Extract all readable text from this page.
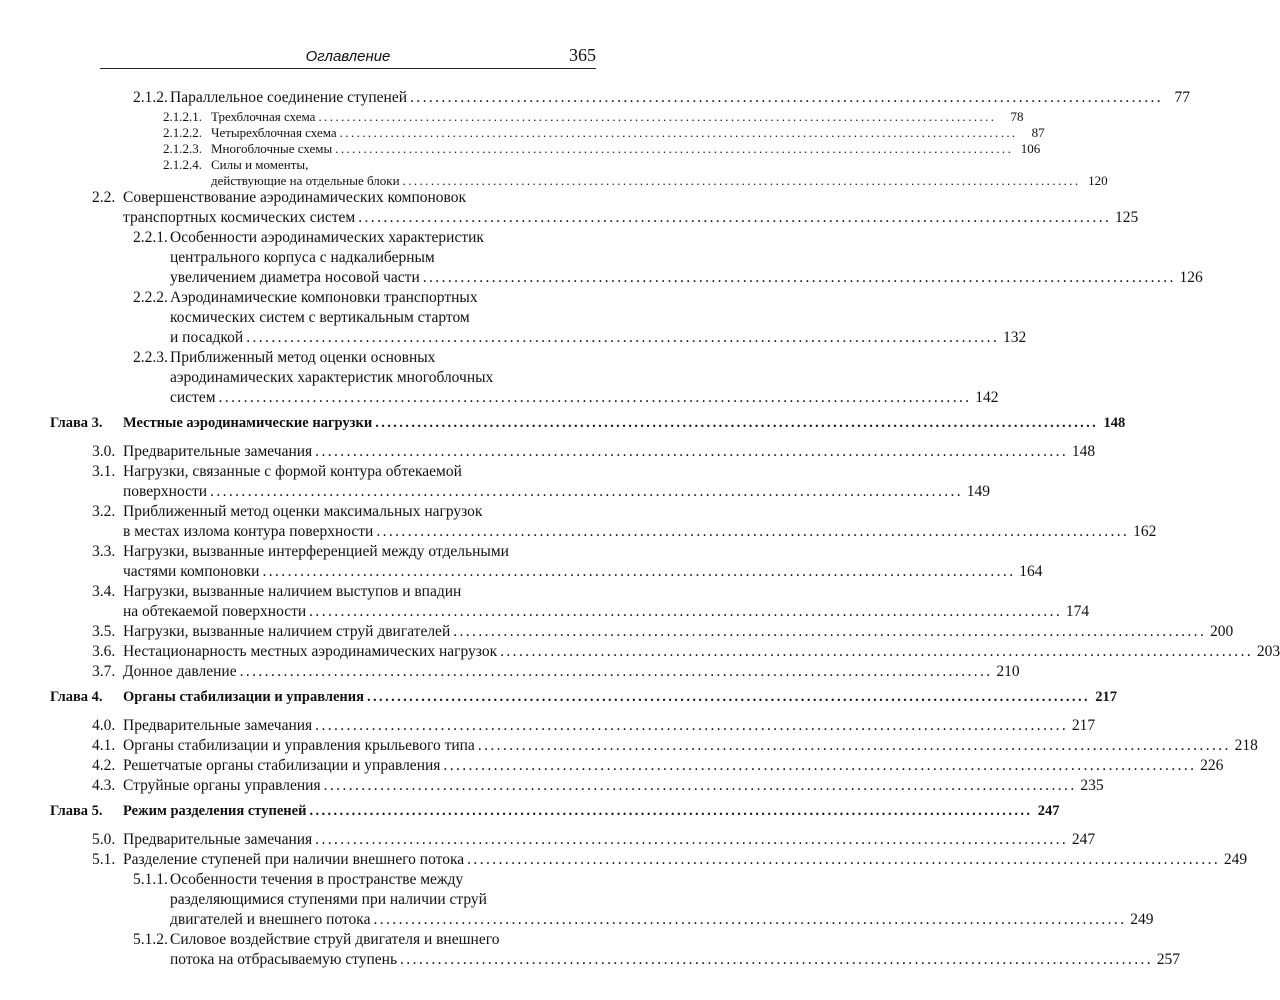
Оглавление	365
2.1.2. Параллельное соединение ступеней ........................................................................................................................ 77
2.1.2.1. Трехблочная схема ........................................................................................................................	78
2.1.2.2. Четырехблочная схема ........................................................................................................................	87
2.1.2.3. Многоблочные схемы ........................................................................................................................ 106
2.1.2.4. Силы и моменты,
действующие на отдельные блоки ........................................................................................................................ 120
2.2. Совершенствование аэродинамических компоновок
транспортных космических систем ........................................................................................................................ 125
2.2.1. Особенности аэродинамических характеристик
центрального корпуса с надкалиберным
увеличением диаметра носовой части ........................................................................................................................ 126
2.2.2. Аэродинамические компоновки транспортных
космических систем с вертикальным стартом
и посадкой ........................................................................................................................ 132
2.2.3. Приближенный метод оценки основных
аэродинамических характеристик многоблочных
систем ........................................................................................................................ 142
Глава 3. Местные аэродинамические нагрузки ........................................................................................................................ 148
3.0. Предварительные замечания ........................................................................................................................ 148
3.1. Нагрузки, связанные с формой контура обтекаемой
поверхности ........................................................................................................................ 149
3.2. Приближенный метод оценки максимальных нагрузок
в местах излома контура поверхности ........................................................................................................................ 162
3.3. Нагрузки, вызванные интерференцией между отдельными
частями компоновки ........................................................................................................................ 164
3.4. Нагрузки, вызванные наличием выступов и впадин
на обтекаемой поверхности ........................................................................................................................ 174
3.5. Нагрузки, вызванные наличием струй двигателей ........................................................................................................................ 200
3.6. Нестационарность местных аэродинамических нагрузок ........................................................................................................................ 203
3.7. Донное давление ........................................................................................................................ 210
Глава 4. Органы стабилизации и управления ........................................................................................................................ 217
4.0. Предварительные замечания ........................................................................................................................ 217
4.1. Органы стабилизации и управления крыльевого типа ........................................................................................................................ 218
4.2. Решетчатые органы стабилизации и управления ........................................................................................................................ 226
4.3. Струйные органы управления ........................................................................................................................ 235
Глава 5. Режим разделения ступеней ........................................................................................................................ 247
5.0. Предварительные замечания ........................................................................................................................ 247
5.1. Разделение ступеней при наличии внешнего потока ........................................................................................................................ 249
5.1.1. Особенности течения в пространстве между
разделяющимися ступенями при наличии струй
двигателей и внешнего потока ........................................................................................................................ 249
5.1.2. Силовое воздействие струй двигателя и внешнего
потока на отбрасываемую ступень ........................................................................................................................ 257
